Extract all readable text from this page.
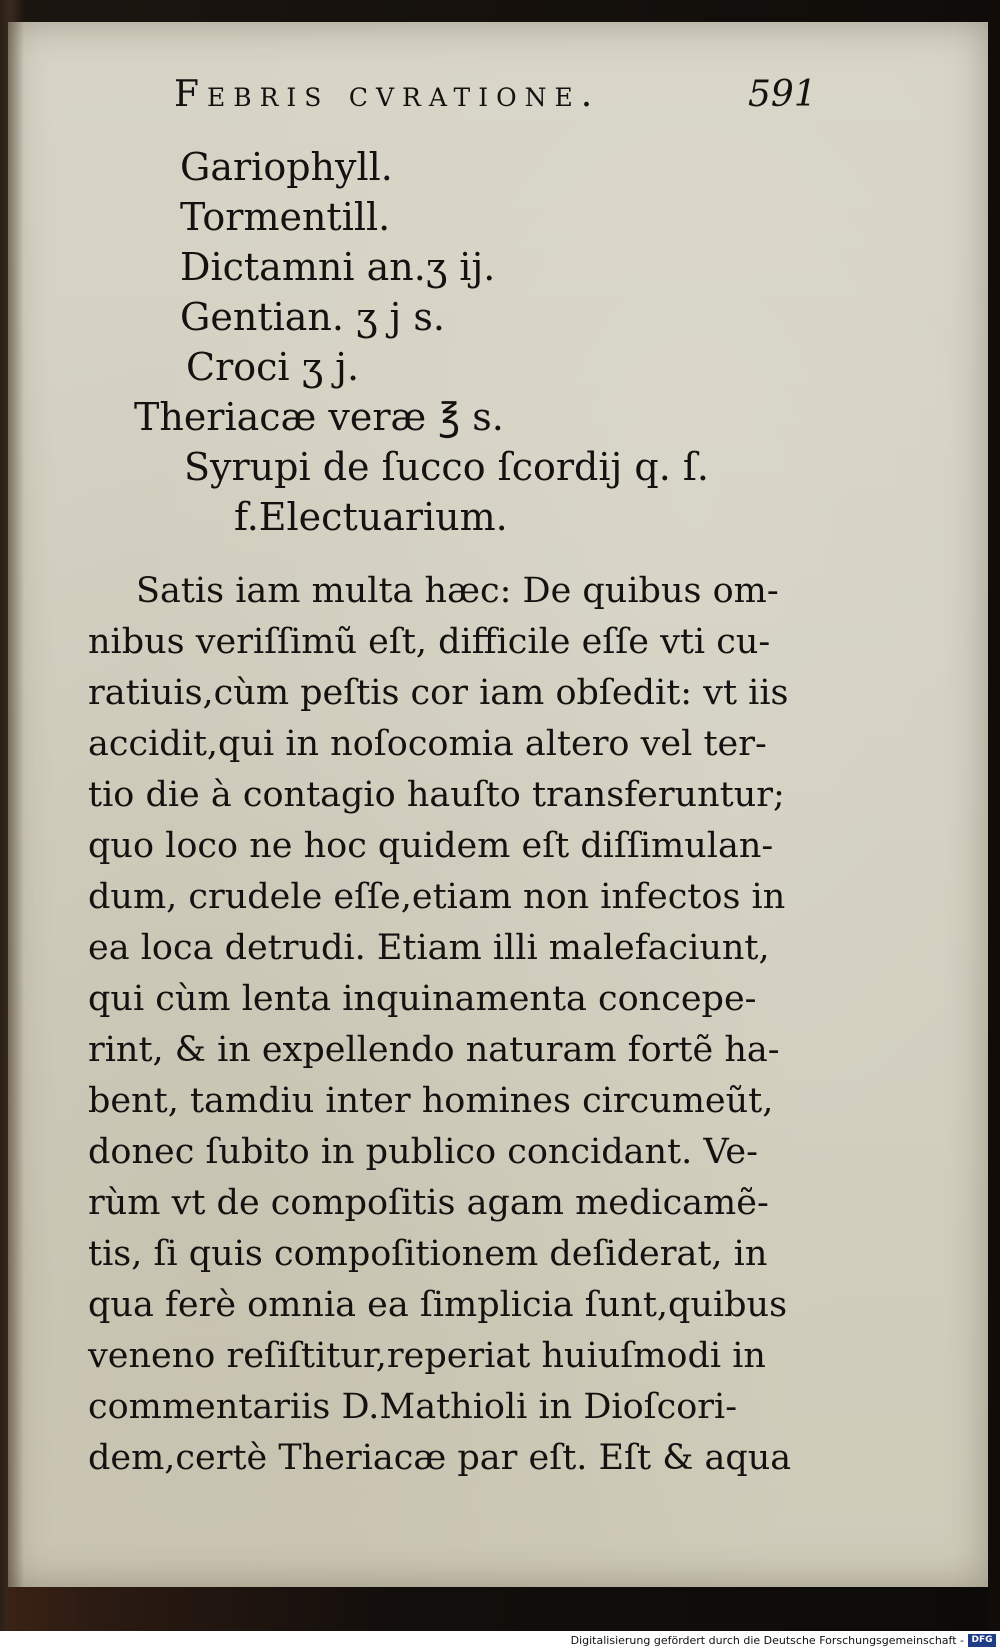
Febris cvratione.	591
Gariophyll.
Tormentill.
Dictamni an.ʒ ij.
Gentian. ʒ j s.
Croci ʒ j.
Theriacæ veræ ℥ s.
Syrupi de ſucco ſcordij q. ſ.
f.Electuarium.
Satis iam multa hæc: De quibus om-
nibus veriſſimũ eſt, difficile eſſe vti cu-
ratiuis,cùm peſtis cor iam obſedit: vt iis
accidit,qui in noſocomia altero vel ter-
tio die à contagio hauſto transferuntur;
quo loco ne hoc quidem eſt diſſimulan-
dum, crudele eſſe,etiam non infectos in
ea loca detrudi. Etiam illi malefaciunt,
qui cùm lenta inquinamenta concepe-
rint, & in expellendo naturam fortẽ ha-
bent, tamdiu inter homines circumeũt,
donec ſubito in publico concidant. Ve-
rùm vt de compoſitis agam medicamẽ-
tis, ſi quis compoſitionem deſiderat, in
qua ferè omnia ea ſimplicia ſunt,quibus
veneno reſiſtitur,reperiat huiuſmodi in
commentariis D.Mathioli in Dioſcori-
dem,certè Theriacæ par eſt. Eſt & aqua
Digitalisierung gefördert durch die Deutsche Forschungsgemeinschaft - DFG
